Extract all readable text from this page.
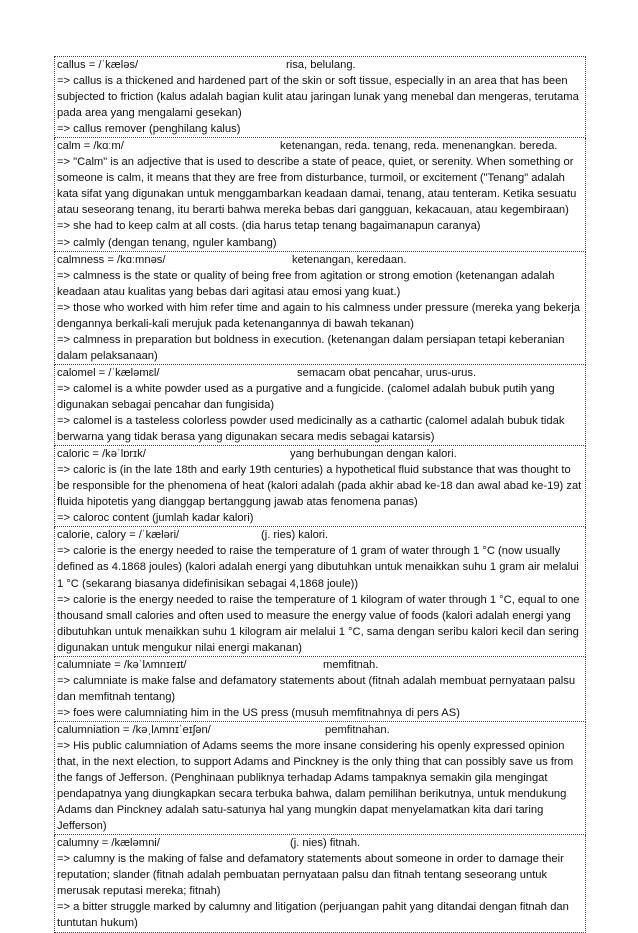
callus = /ˈkæləs/	risa, belulang.
=> callus is a thickened and hardened part of the skin or soft tissue, especially in an area that has been subjected to friction (kalus adalah bagian kulit atau jaringan lunak yang menebal dan mengeras, terutama pada area yang mengalami gesekan)
=> callus remover (penghilang kalus)
calm = /kɑːm/	ketenangan, reda. tenang, reda. menenangkan. bereda.
=> "Calm" is an adjective that is used to describe a state of peace, quiet, or serenity. When something or someone is calm, it means that they are free from disturbance, turmoil, or excitement ("Tenang" adalah kata sifat yang digunakan untuk menggambarkan keadaan damai, tenang, atau tenteram. Ketika sesuatu atau seseorang tenang, itu berarti bahwa mereka bebas dari gangguan, kekacauan, atau kegembiraan)
=> she had to keep calm at all costs. (dia harus tetap tenang bagaimanapun caranya)
=> calmly (dengan tenang, nguler kambang)
calmness = /kɑːmnəs/	ketenangan, keredaan.
=> calmness is the state or quality of being free from agitation or strong emotion (ketenangan adalah keadaan atau kualitas yang bebas dari agitasi atau emosi yang kuat.)
=> those who worked with him refer time and again to his calmness under pressure (mereka yang bekerja dengannya berkali-kali merujuk pada ketenangannya di bawah tekanan)
=> calmness in preparation but boldness in execution. (ketenangan dalam persiapan tetapi keberanian dalam pelaksanaan)
calomel = /ˈkæləmɛl/	semacam obat pencahar, urus-urus.
=> calomel is a white powder used as a purgative and a fungicide. (calomel adalah bubuk putih yang digunakan sebagai pencahar dan fungisida)
=> calomel is a tasteless colorless powder used medicinally as a cathartic (calomel adalah bubuk tidak berwarna yang tidak berasa yang digunakan secara medis sebagai katarsis)
caloric = /kəˈlɒrɪk/	yang berhubungan dengan kalori.
=> caloric is (in the late 18th and early 19th centuries) a hypothetical fluid substance that was thought to be responsible for the phenomena of heat (kalori adalah (pada akhir abad ke-18 dan awal abad ke-19) zat fluida hipotetis yang dianggap bertanggung jawab atas fenomena panas)
=> caloroc content (jumlah kadar kalori)
calorie, calory = /ˈkæləri/	(j. ries) kalori.
=> calorie is the energy needed to raise the temperature of 1 gram of water through 1 °C (now usually defined as 4.1868 joules) (kalori adalah energi yang dibutuhkan untuk menaikkan suhu 1 gram air melalui 1 °C (sekarang biasanya didefinisikan sebagai 4,1868 joule))
=> calorie is the energy needed to raise the temperature of 1 kilogram of water through 1 °C, equal to one thousand small calories and often used to measure the energy value of foods (kalori adalah energi yang dibutuhkan untuk menaikkan suhu 1 kilogram air melalui 1 °C, sama dengan seribu kalori kecil dan sering digunakan untuk mengukur nilai energi makanan)
calumniate = /kəˈlʌmnɪeɪt/	memfitnah.
=> calumniate is make false and defamatory statements about (fitnah adalah membuat pernyataan palsu dan memfitnah tentang)
=> foes were calumniating him in the US press (musuh memfitnahnya di pers AS)
calumniation = /kəˌlʌmnɪˈeɪʃən/	pemfitnahan.
=> His public calumniation of Adams seems the more insane considering his openly expressed opinion that, in the next election, to support Adams and Pinckney is the only thing that can possibly save us from the fangs of Jefferson. (Penghinaan publiknya terhadap Adams tampaknya semakin gila mengingat pendapatnya yang diungkapkan secara terbuka bahwa, dalam pemilihan berikutnya, untuk mendukung Adams dan Pinckney adalah satu-satunya hal yang mungkin dapat menyelamatkan kita dari taring Jefferson)
calumny = /kæləmni/	(j. nies) fitnah.
=> calumny is the making of false and defamatory statements about someone in order to damage their reputation; slander (fitnah adalah pembuatan pernyataan palsu dan fitnah tentang seseorang untuk merusak reputasi mereka; fitnah)
=> a bitter struggle marked by calumny and litigation (perjuangan pahit yang ditandai dengan fitnah dan tuntutan hukum)
